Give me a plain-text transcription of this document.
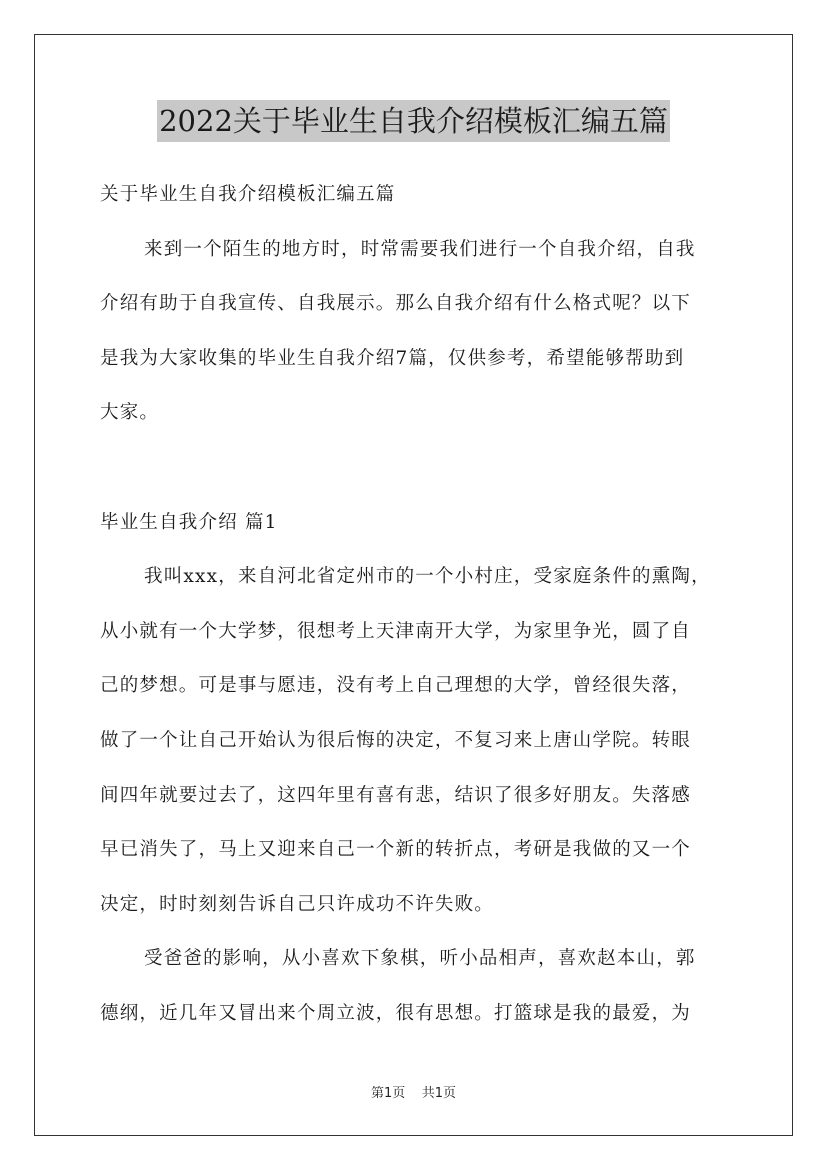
2022关于毕业生自我介绍模板汇编五篇
关于毕业生自我介绍模板汇编五篇
来到一个陌生的地方时，时常需要我们进行一个自我介绍，自我
介绍有助于自我宣传、自我展示。那么自我介绍有什么格式呢？以下
是我为大家收集的毕业生自我介绍7篇，仅供参考，希望能够帮助到
大家。
毕业生自我介绍 篇1
我叫xxx，来自河北省定州市的一个小村庄，受家庭条件的熏陶，
从小就有一个大学梦，很想考上天津南开大学，为家里争光，圆了自
己的梦想。可是事与愿违，没有考上自己理想的大学，曾经很失落，
做了一个让自己开始认为很后悔的决定，不复习来上唐山学院。转眼
间四年就要过去了，这四年里有喜有悲，结识了很多好朋友。失落感
早已消失了，马上又迎来自己一个新的转折点，考研是我做的又一个
决定，时时刻刻告诉自己只许成功不许失败。
受爸爸的影响，从小喜欢下象棋，听小品相声，喜欢赵本山，郭
德纲，近几年又冒出来个周立波，很有思想。打篮球是我的最爱，为
第1页 共1页
